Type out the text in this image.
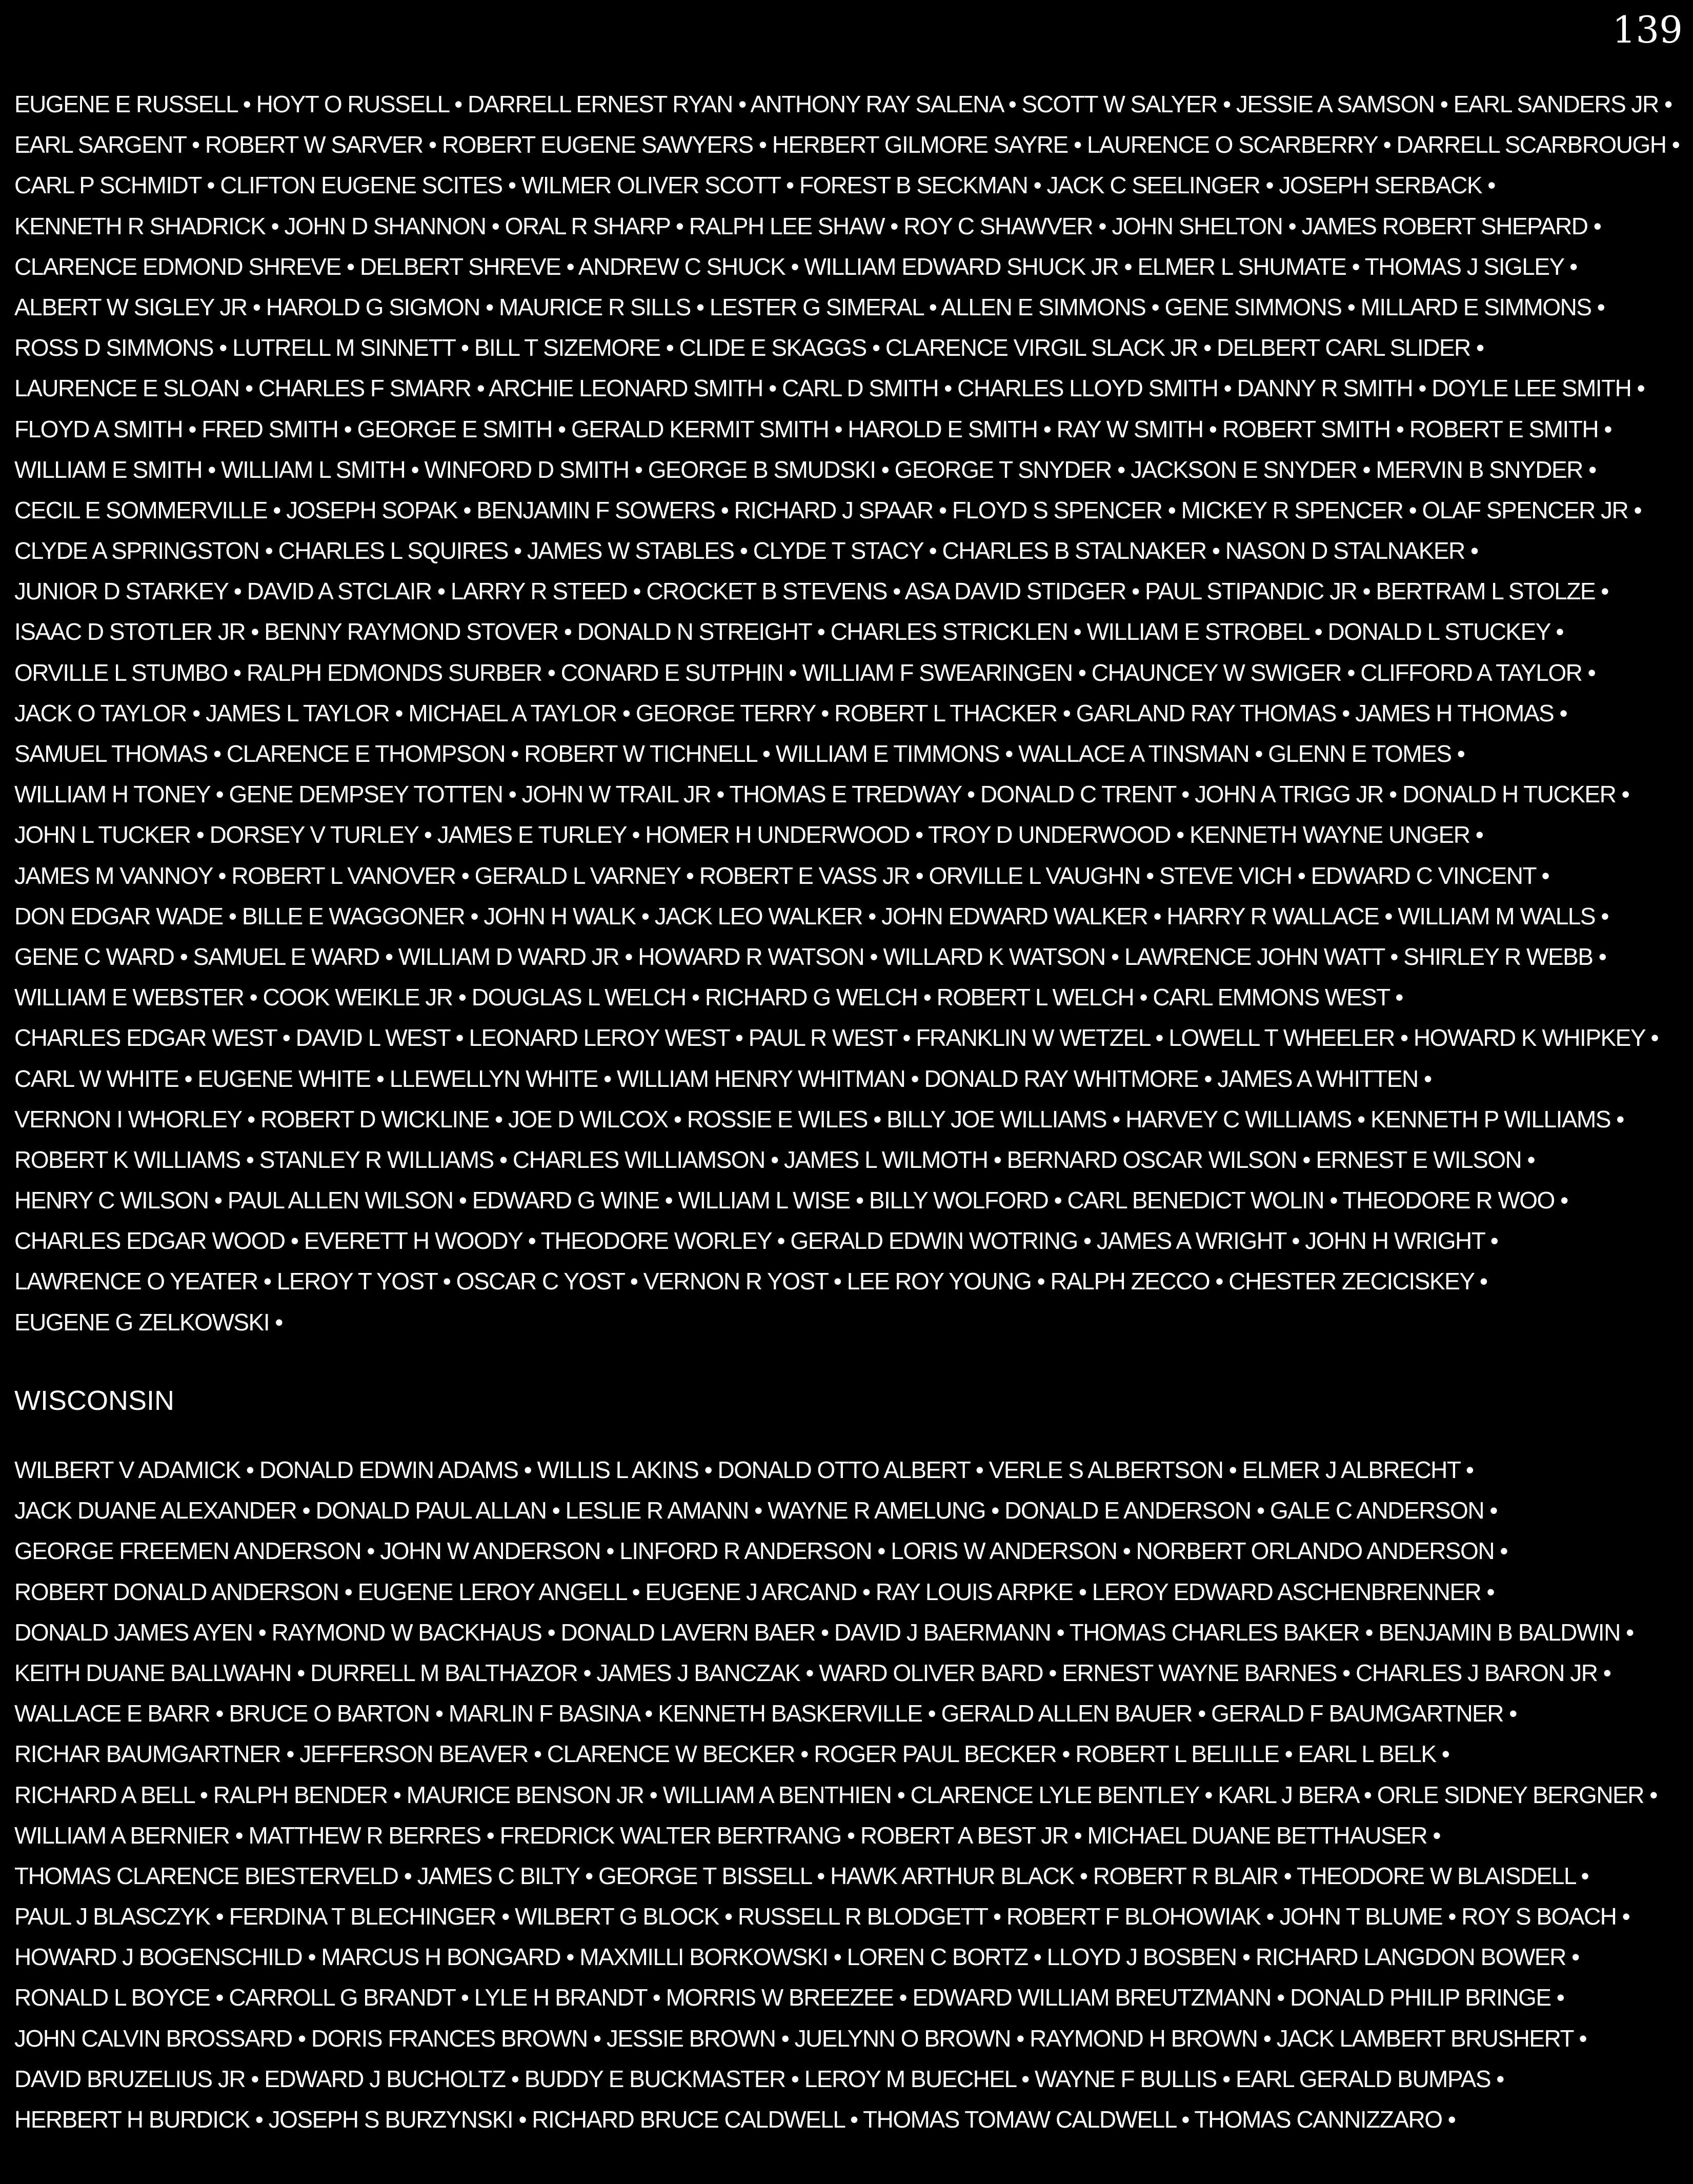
139
EUGENE E RUSSELL • HOYT O RUSSELL • DARRELL ERNEST RYAN • ANTHONY RAY SALENA • SCOTT W SALYER • JESSIE A SAMSON • EARL SANDERS JR •
EARL SARGENT • ROBERT W SARVER • ROBERT EUGENE SAWYERS • HERBERT GILMORE SAYRE • LAURENCE O SCARBERRY • DARRELL SCARBROUGH •
CARL P SCHMIDT • CLIFTON EUGENE SCITES • WILMER OLIVER SCOTT • FOREST B SECKMAN • JACK C SEELINGER • JOSEPH SERBACK •
KENNETH R SHADRICK • JOHN D SHANNON • ORAL R SHARP • RALPH LEE SHAW • ROY C SHAWVER • JOHN SHELTON • JAMES ROBERT SHEPARD •
CLARENCE EDMOND SHREVE • DELBERT SHREVE • ANDREW C SHUCK • WILLIAM EDWARD SHUCK JR • ELMER L SHUMATE • THOMAS J SIGLEY •
ALBERT W SIGLEY JR • HAROLD G SIGMON • MAURICE R SILLS • LESTER G SIMERAL • ALLEN E SIMMONS • GENE SIMMONS • MILLARD E SIMMONS •
ROSS D SIMMONS • LUTRELL M SINNETT • BILL T SIZEMORE • CLIDE E SKAGGS • CLARENCE VIRGIL SLACK JR • DELBERT CARL SLIDER •
LAURENCE E SLOAN • CHARLES F SMARR • ARCHIE LEONARD SMITH • CARL D SMITH • CHARLES LLOYD SMITH • DANNY R SMITH • DOYLE LEE SMITH •
FLOYD A SMITH • FRED SMITH • GEORGE E SMITH • GERALD KERMIT SMITH • HAROLD E SMITH • RAY W SMITH • ROBERT SMITH • ROBERT E SMITH •
WILLIAM E SMITH • WILLIAM L SMITH • WINFORD D SMITH • GEORGE B SMUDSKI • GEORGE T SNYDER • JACKSON E SNYDER • MERVIN B SNYDER •
CECIL E SOMMERVILLE • JOSEPH SOPAK • BENJAMIN F SOWERS • RICHARD J SPAAR • FLOYD S SPENCER • MICKEY R SPENCER • OLAF SPENCER JR •
CLYDE A SPRINGSTON • CHARLES L SQUIRES • JAMES W STABLES • CLYDE T STACY • CHARLES B STALNAKER • NASON D STALNAKER •
JUNIOR D STARKEY • DAVID A STCLAIR • LARRY R STEED • CROCKET B STEVENS • ASA DAVID STIDGER • PAUL STIPANDIC JR • BERTRAM L STOLZE •
ISAAC D STOTLER JR • BENNY RAYMOND STOVER • DONALD N STREIGHT • CHARLES STRICKLEN • WILLIAM E STROBEL • DONALD L STUCKEY •
ORVILLE L STUMBO • RALPH EDMONDS SURBER • CONARD E SUTPHIN • WILLIAM F SWEARINGEN • CHAUNCEY W SWIGER • CLIFFORD A TAYLOR •
JACK O TAYLOR • JAMES L TAYLOR • MICHAEL A TAYLOR • GEORGE TERRY • ROBERT L THACKER • GARLAND RAY THOMAS • JAMES H THOMAS •
SAMUEL THOMAS • CLARENCE E THOMPSON • ROBERT W TICHNELL • WILLIAM E TIMMONS • WALLACE A TINSMAN • GLENN E TOMES •
WILLIAM H TONEY • GENE DEMPSEY TOTTEN • JOHN W TRAIL JR • THOMAS E TREDWAY • DONALD C TRENT • JOHN A TRIGG JR • DONALD H TUCKER •
JOHN L TUCKER • DORSEY V TURLEY • JAMES E TURLEY • HOMER H UNDERWOOD • TROY D UNDERWOOD • KENNETH WAYNE UNGER •
JAMES M VANNOY • ROBERT L VANOVER • GERALD L VARNEY • ROBERT E VASS JR • ORVILLE L VAUGHN • STEVE VICH • EDWARD C VINCENT •
DON EDGAR WADE • BILLE E WAGGONER • JOHN H WALK • JACK LEO WALKER • JOHN EDWARD WALKER • HARRY R WALLACE • WILLIAM M WALLS •
GENE C WARD • SAMUEL E WARD • WILLIAM D WARD JR • HOWARD R WATSON • WILLARD K WATSON • LAWRENCE JOHN WATT • SHIRLEY R WEBB •
WILLIAM E WEBSTER • COOK WEIKLE JR • DOUGLAS L WELCH • RICHARD G WELCH • ROBERT L WELCH • CARL EMMONS WEST •
CHARLES EDGAR WEST • DAVID L WEST • LEONARD LEROY WEST • PAUL R WEST • FRANKLIN W WETZEL • LOWELL T WHEELER • HOWARD K WHIPKEY •
CARL W WHITE • EUGENE WHITE • LLEWELLYN WHITE • WILLIAM HENRY WHITMAN • DONALD RAY WHITMORE • JAMES A WHITTEN •
VERNON I WHORLEY • ROBERT D WICKLINE • JOE D WILCOX • ROSSIE E WILES • BILLY JOE WILLIAMS • HARVEY C WILLIAMS • KENNETH P WILLIAMS •
ROBERT K WILLIAMS • STANLEY R WILLIAMS • CHARLES WILLIAMSON • JAMES L WILMOTH • BERNARD OSCAR WILSON • ERNEST E WILSON •
HENRY C WILSON • PAUL ALLEN WILSON • EDWARD G WINE • WILLIAM L WISE • BILLY WOLFORD • CARL BENEDICT WOLIN • THEODORE R WOO •
CHARLES EDGAR WOOD • EVERETT H WOODY • THEODORE WORLEY • GERALD EDWIN WOTRING • JAMES A WRIGHT • JOHN H WRIGHT •
LAWRENCE O YEATER • LEROY T YOST • OSCAR C YOST • VERNON R YOST • LEE ROY YOUNG • RALPH ZECCO • CHESTER ZECICISKEY •
EUGENE G ZELKOWSKI •
WISCONSIN
WILBERT V ADAMICK • DONALD EDWIN ADAMS • WILLIS L AKINS • DONALD OTTO ALBERT • VERLE S ALBERTSON • ELMER J ALBRECHT •
JACK DUANE ALEXANDER • DONALD PAUL ALLAN • LESLIE R AMANN • WAYNE R AMELUNG • DONALD E ANDERSON • GALE C ANDERSON •
GEORGE FREEMEN ANDERSON • JOHN W ANDERSON • LINFORD R ANDERSON • LORIS W ANDERSON • NORBERT ORLANDO ANDERSON •
ROBERT DONALD ANDERSON • EUGENE LEROY ANGELL • EUGENE J ARCAND • RAY LOUIS ARPKE • LEROY EDWARD ASCHENBRENNER •
DONALD JAMES AYEN • RAYMOND W BACKHAUS • DONALD LAVERN BAER • DAVID J BAERMANN • THOMAS CHARLES BAKER • BENJAMIN B BALDWIN •
KEITH DUANE BALLWAHN • DURRELL M BALTHAZOR • JAMES J BANCZAK • WARD OLIVER BARD • ERNEST WAYNE BARNES • CHARLES J BARON JR •
WALLACE E BARR • BRUCE O BARTON • MARLIN F BASINA • KENNETH BASKERVILLE • GERALD ALLEN BAUER • GERALD F BAUMGARTNER •
RICHAR BAUMGARTNER • JEFFERSON BEAVER • CLARENCE W BECKER • ROGER PAUL BECKER • ROBERT L BELILLE • EARL L BELK •
RICHARD A BELL • RALPH BENDER • MAURICE BENSON JR • WILLIAM A BENTHIEN • CLARENCE LYLE BENTLEY • KARL J BERA • ORLE SIDNEY BERGNER •
WILLIAM A BERNIER • MATTHEW R BERRES • FREDRICK WALTER BERTRANG • ROBERT A BEST JR • MICHAEL DUANE BETTHAUSER •
THOMAS CLARENCE BIESTERVELD • JAMES C BILTY • GEORGE T BISSELL • HAWK ARTHUR BLACK • ROBERT R BLAIR • THEODORE W BLAISDELL •
PAUL J BLASCZYK • FERDINA T BLECHINGER • WILBERT G BLOCK • RUSSELL R BLODGETT • ROBERT F BLOHOWIAK • JOHN T BLUME • ROY S BOACH •
HOWARD J BOGENSCHILD • MARCUS H BONGARD • MAXMILLI BORKOWSKI • LOREN C BORTZ • LLOYD J BOSBEN • RICHARD LANGDON BOWER •
RONALD L BOYCE • CARROLL G BRANDT • LYLE H BRANDT • MORRIS W BREEZEE • EDWARD WILLIAM BREUTZMANN • DONALD PHILIP BRINGE •
JOHN CALVIN BROSSARD • DORIS FRANCES BROWN • JESSIE BROWN • JUELYNN O BROWN • RAYMOND H BROWN • JACK LAMBERT BRUSHERT •
DAVID BRUZELIUS JR • EDWARD J BUCHOLTZ • BUDDY E BUCKMASTER • LEROY M BUECHEL • WAYNE F BULLIS • EARL GERALD BUMPAS •
HERBERT H BURDICK • JOSEPH S BURZYNSKI • RICHARD BRUCE CALDWELL • THOMAS TOMAW CALDWELL • THOMAS CANNIZZARO •
